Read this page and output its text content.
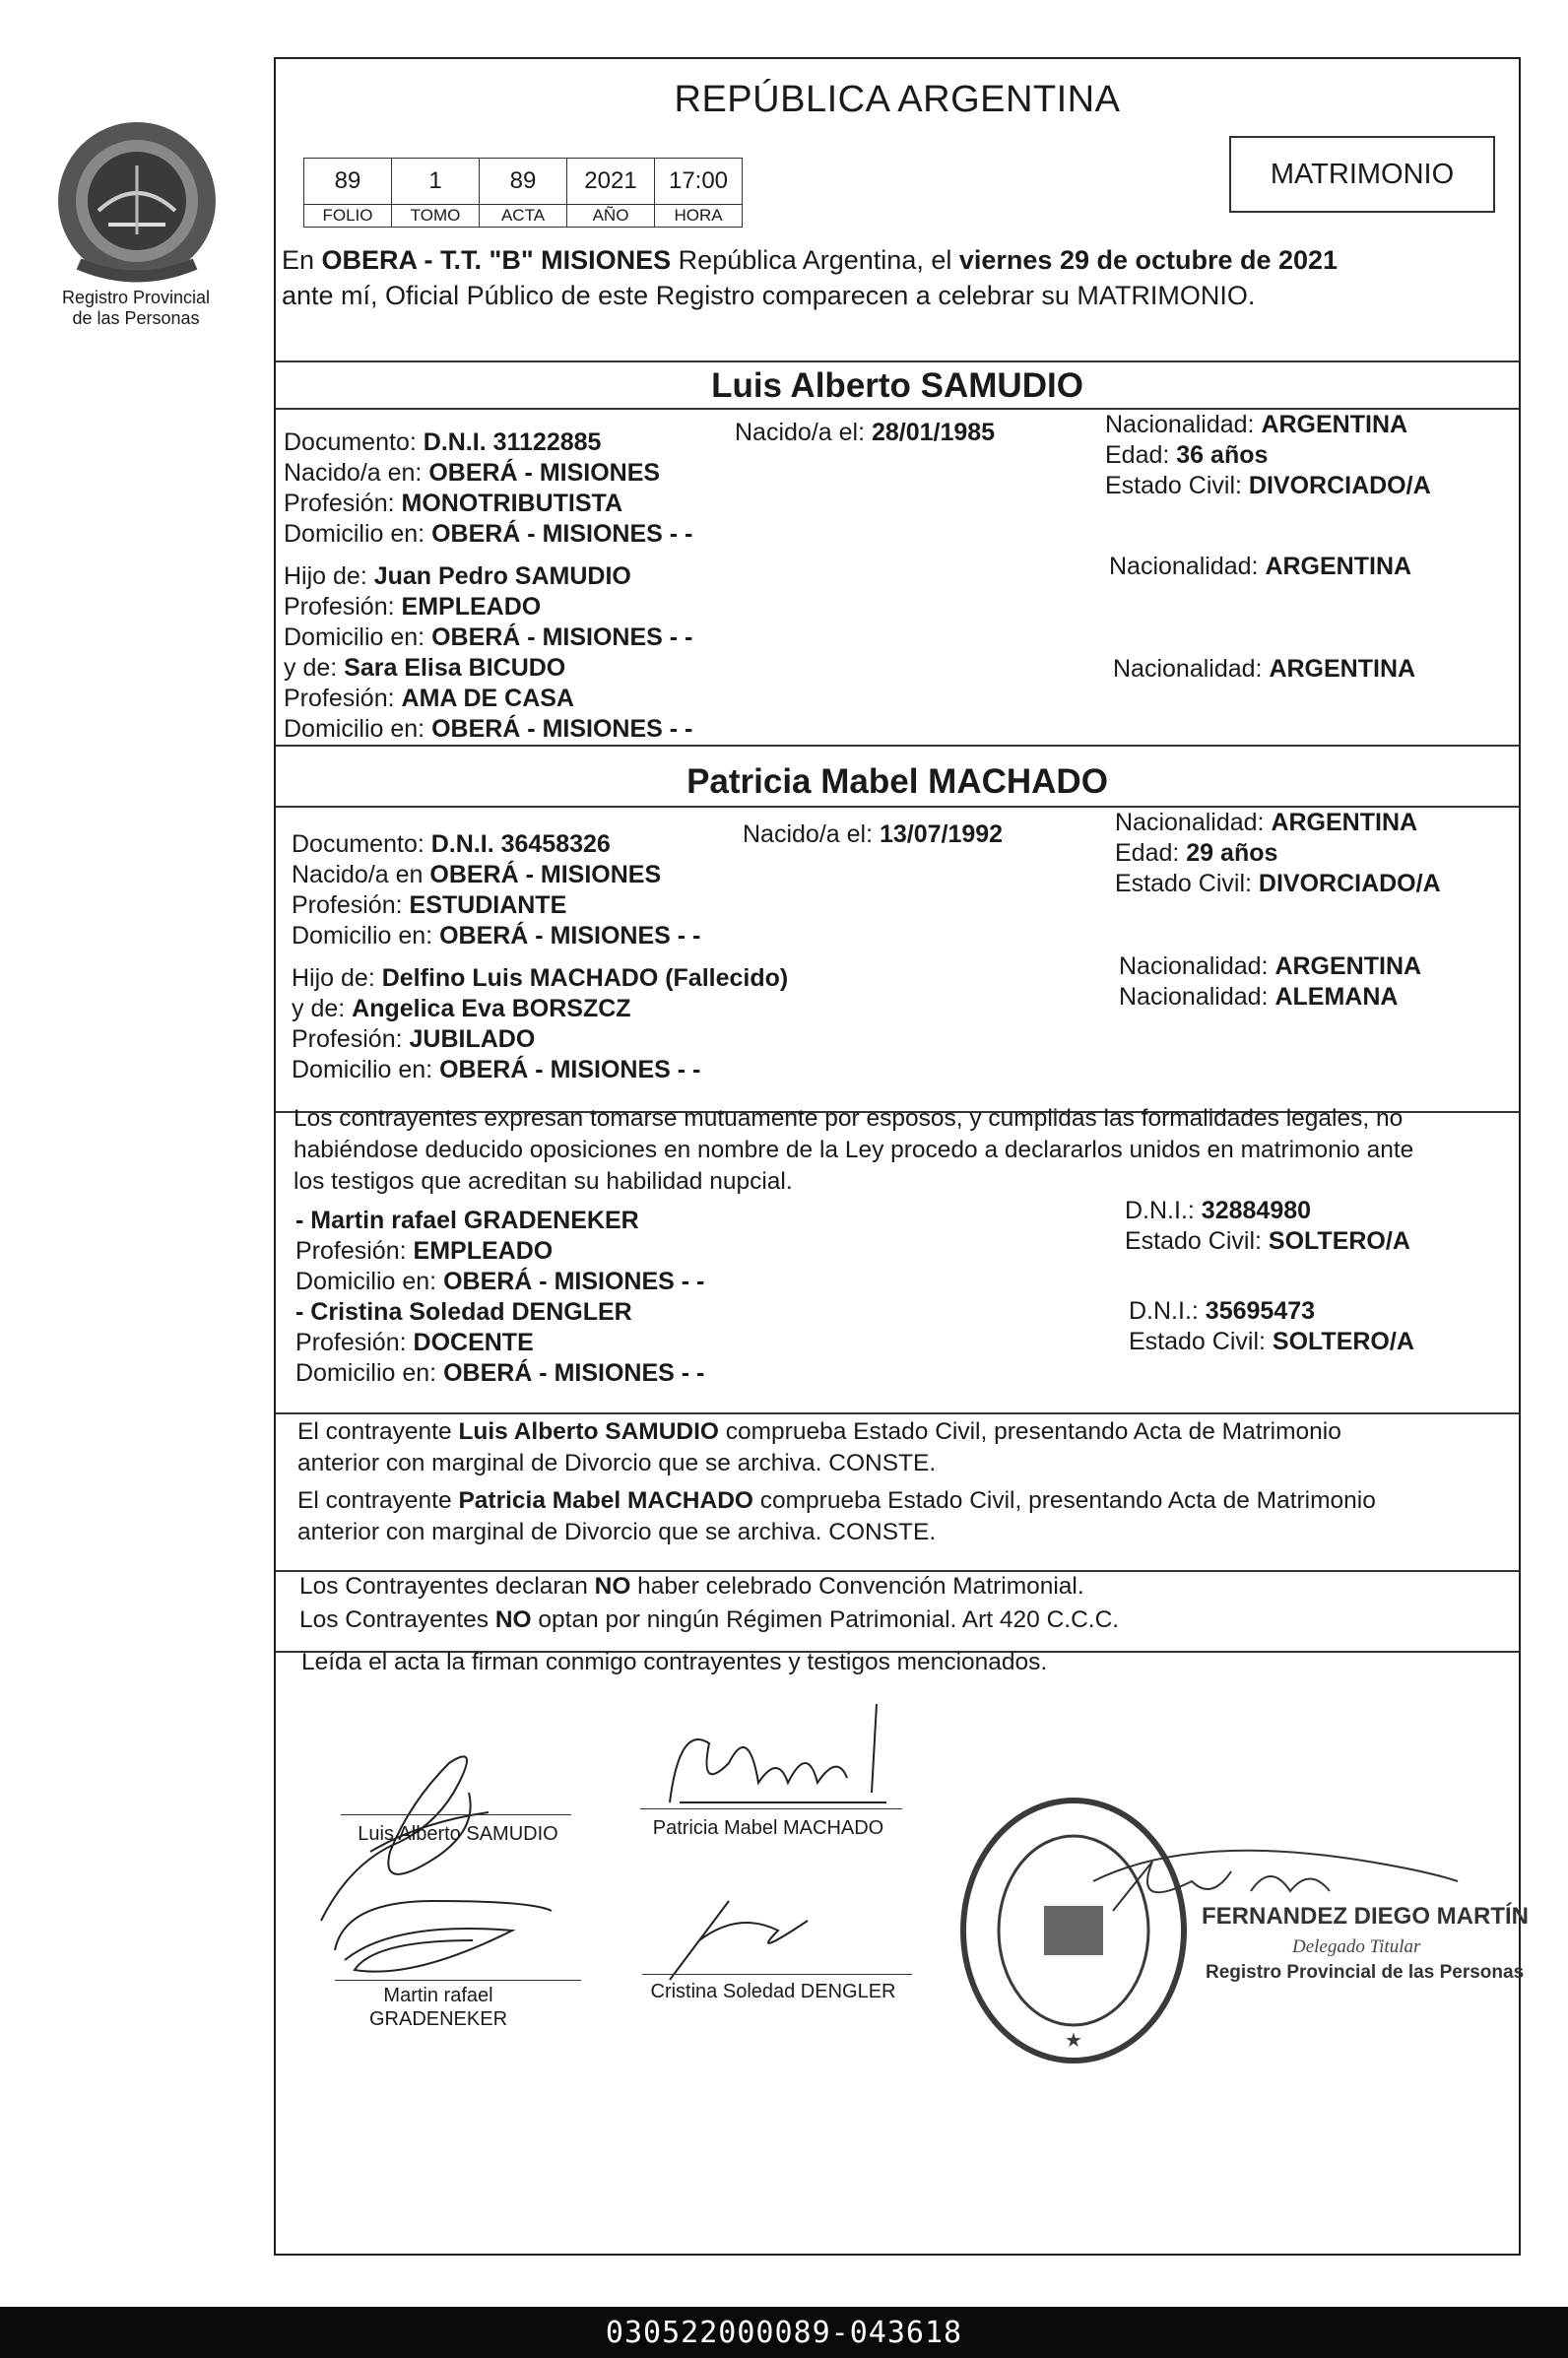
Registro Provincial
de las Personas
REPÚBLICA ARGENTINA
89	1	89	2021	17:00
FOLIO	TOMO	ACTA	AÑO	HORA
MATRIMONIO
En OBERA - T.T. "B" MISIONES República Argentina, el viernes 29 de octubre de 2021
ante mí, Oficial Público de este Registro comparecen a celebrar su MATRIMONIO.
Luis Alberto SAMUDIO
Documento: D.N.I. 31122885
Nacido/a en: OBERÁ - MISIONES
Profesión: MONOTRIBUTISTA
Domicilio en: OBERÁ - MISIONES - -
Hijo de: Juan Pedro SAMUDIO
Profesión: EMPLEADO
Domicilio en: OBERÁ - MISIONES - -
y de: Sara Elisa BICUDO
Profesión: AMA DE CASA
Domicilio en: OBERÁ - MISIONES - -
Nacido/a el: 28/01/1985	Nacionalidad: ARGENTINA
Edad: 36 años
Estado Civil: DIVORCIADO/A
Nacionalidad: ARGENTINA
Nacionalidad: ARGENTINA
Patricia Mabel MACHADO
Documento: D.N.I. 36458326
Nacido/a en OBERÁ - MISIONES
Profesión: ESTUDIANTE
Domicilio en: OBERÁ - MISIONES - -
Hijo de: Delfino Luis MACHADO (Fallecido)
y de: Angelica Eva BORSZCZ
Profesión: JUBILADO
Domicilio en: OBERÁ - MISIONES - -
Nacido/a el: 13/07/1992	Nacionalidad: ARGENTINA
Edad: 29 años
Estado Civil: DIVORCIADO/A
Nacionalidad: ARGENTINA
Nacionalidad: ALEMANA
Los contrayentes expresan tomarse mutuamente por esposos, y cumplidas las formalidades legales, no
habiéndose deducido oposiciones en nombre de la Ley procedo a declararlos unidos en matrimonio ante
los testigos que acreditan su habilidad nupcial.
- Martin rafael GRADENEKER
Profesión: EMPLEADO
Domicilio en: OBERÁ - MISIONES - -
- Cristina Soledad DENGLER
Profesión: DOCENTE
Domicilio en: OBERÁ - MISIONES - -
D.N.I.: 32884980
Estado Civil: SOLTERO/A
D.N.I.: 35695473
Estado Civil: SOLTERO/A
El contrayente Luis Alberto SAMUDIO comprueba Estado Civil, presentando Acta de Matrimonio
anterior con marginal de Divorcio que se archiva. CONSTE.
El contrayente Patricia Mabel MACHADO comprueba Estado Civil, presentando Acta de Matrimonio
anterior con marginal de Divorcio que se archiva. CONSTE.
Los Contrayentes declaran NO haber celebrado Convención Matrimonial.
Los Contrayentes NO optan por ningún Régimen Patrimonial. Art 420 C.C.C.
Leída el acta la firman conmigo contrayentes y testigos mencionados.
Luis Alberto SAMUDIO	Patricia Mabel MACHADO
Martin rafael
GRADENEKER
Cristina Soledad DENGLER
★
FERNANDEZ DIEGO MARTÍN
Delegado Titular
Registro Provincial de las Personas
030522000089-043618
